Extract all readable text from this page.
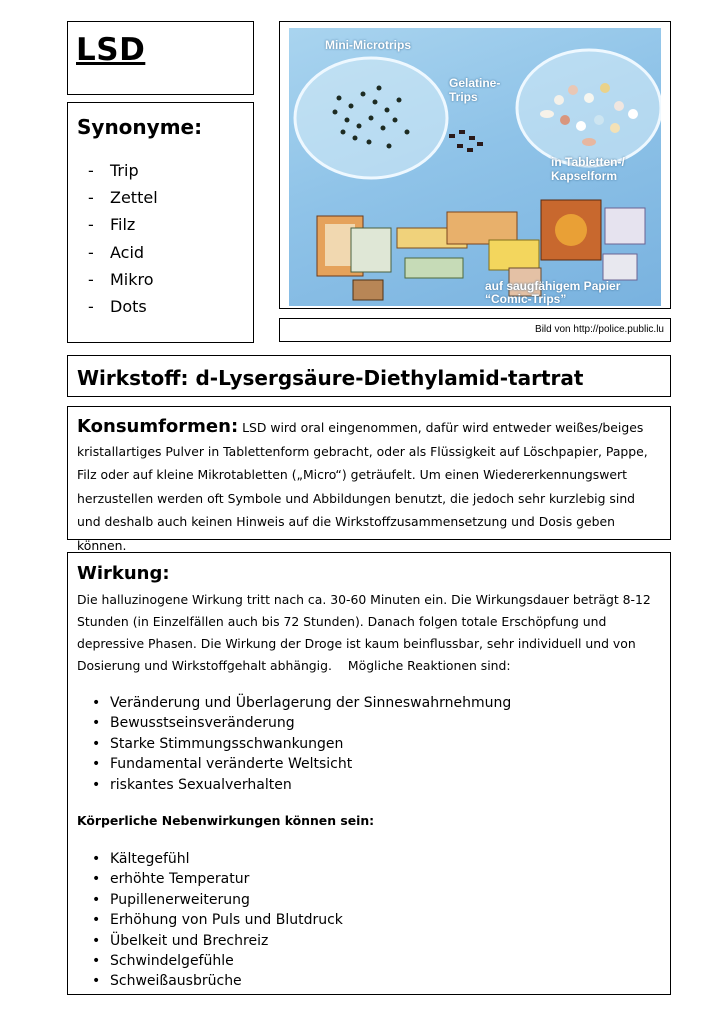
LSD
Synonyme:
- Trip
- Zettel
- Filz
- Acid
- Mikro
- Dots
Mini-Microtrips
Gelatine-
Trips
in Tabletten-/
Kapselform
auf saugfähigem Papier
“Comic-Trips”
Bild von http://police.public.lu
Wirkstoff: d-Lysergsäure-Diethylamid-tartrat
Konsumformen: LSD wird oral eingenommen, dafür wird entweder weißes/beiges kristallartiges Pulver in Tablettenform gebracht, oder als Flüssigkeit auf Löschpapier, Pappe, Filz oder auf kleine Mikrotabletten („Micro“) geträufelt. Um einen Wiedererkennungswert herzustellen werden oft Symbole und Abbildungen benutzt, die jedoch sehr kurzlebig sind und deshalb auch keinen Hinweis auf die Wirkstoffzusammensetzung und Dosis geben können.
Wirkung:
Die halluzinogene Wirkung tritt nach ca. 30-60 Minuten ein. Die Wirkungsdauer beträgt 8-12 Stunden (in Einzelfällen auch bis 72 Stunden). Danach folgen totale Erschöpfung und depressive Phasen. Die Wirkung der Droge ist kaum beinflussbar, sehr individuell und von Dosierung und Wirkstoffgehalt abhängig. Mögliche Reaktionen sind:
• Veränderung und Überlagerung der Sinneswahrnehmung
• Bewusstseinsveränderung
• Starke Stimmungsschwankungen
• Fundamental veränderte Weltsicht
• riskantes Sexualverhalten
Körperliche Nebenwirkungen können sein:
• Kältegefühl
• erhöhte Temperatur
• Pupillenerweiterung
• Erhöhung von Puls und Blutdruck
• Übelkeit und Brechreiz
• Schwindelgefühle
• Schweißausbrüche
